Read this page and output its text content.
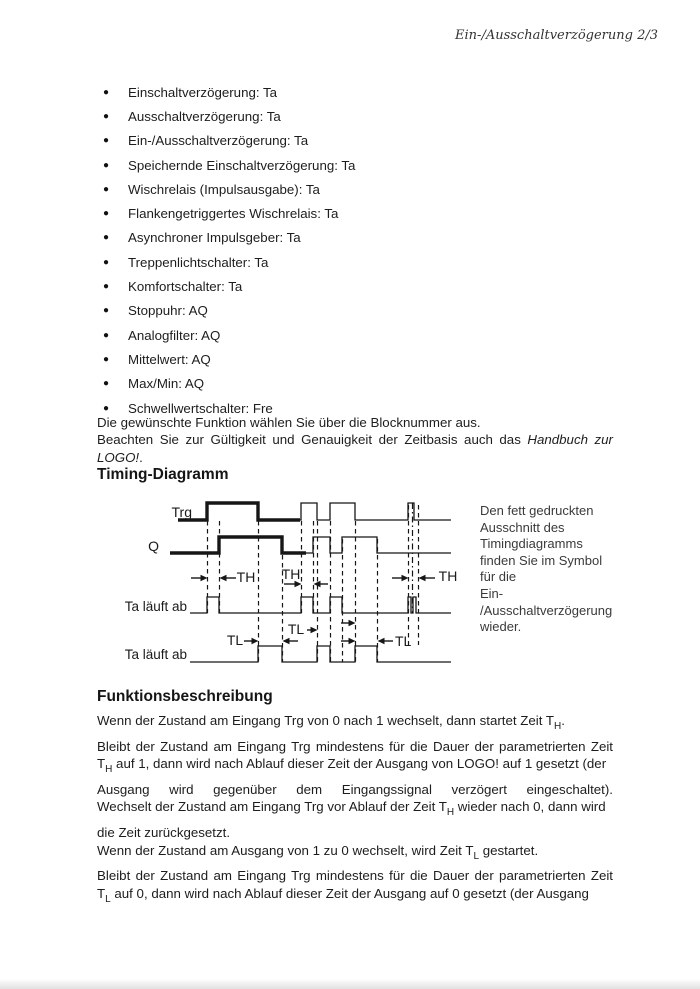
Ein-/Ausschaltverzögerung 2/3
●	Einschaltverzögerung: Ta
●	Ausschaltverzögerung: Ta
●	Ein-/Ausschaltverzögerung: Ta
●	Speichernde Einschaltverzögerung: Ta
●	Wischrelais (Impulsausgabe): Ta
●	Flankengetriggertes Wischrelais: Ta
●	Asynchroner Impulsgeber: Ta
●	Treppenlichtschalter: Ta
●	Komfortschalter: Ta
●	Stoppuhr: AQ
●	Analogfilter: AQ
●	Mittelwert: AQ
●	Max/Min: AQ
●	Schwellwertschalter: Fre
Die gewünschte Funktion wählen Sie über die Blocknummer aus.
Beachten Sie zur Gültigkeit und Genauigkeit der Zeitbasis auch das Handbuch zur
LOGO!.
Timing-Diagramm
Trg
Q
Ta läuft ab
Ta läuft ab
TH TH	TH
TL
TL	TL
Den fett gedruckten
Ausschnitt des
Timingdiagramms
finden Sie im Symbol
für die
Ein-
/Ausschaltverzögerung
wieder.
Funktionsbeschreibung
Wenn der Zustand am Eingang Trg von 0 nach 1 wechselt, dann startet Zeit $T_H$.
Bleibt der Zustand am Eingang Trg mindestens für die Dauer der parametrierten Zeit
$T_H$ auf 1, dann wird nach Ablauf dieser Zeit der Ausgang von LOGO! auf 1 gesetzt (der
Ausgang wird gegenüber dem Eingangssignal verzögert eingeschaltet).
Wechselt der Zustand am Eingang Trg vor Ablauf der Zeit $T_H$ wieder nach 0, dann wird
die Zeit zurückgesetzt.
Wenn der Zustand am Ausgang von 1 zu 0 wechselt, wird Zeit $T_L$ gestartet.
Bleibt der Zustand am Eingang Trg mindestens für die Dauer der parametrierten Zeit
$T_L$ auf 0, dann wird nach Ablauf dieser Zeit der Ausgang auf 0 gesetzt (der Ausgang
